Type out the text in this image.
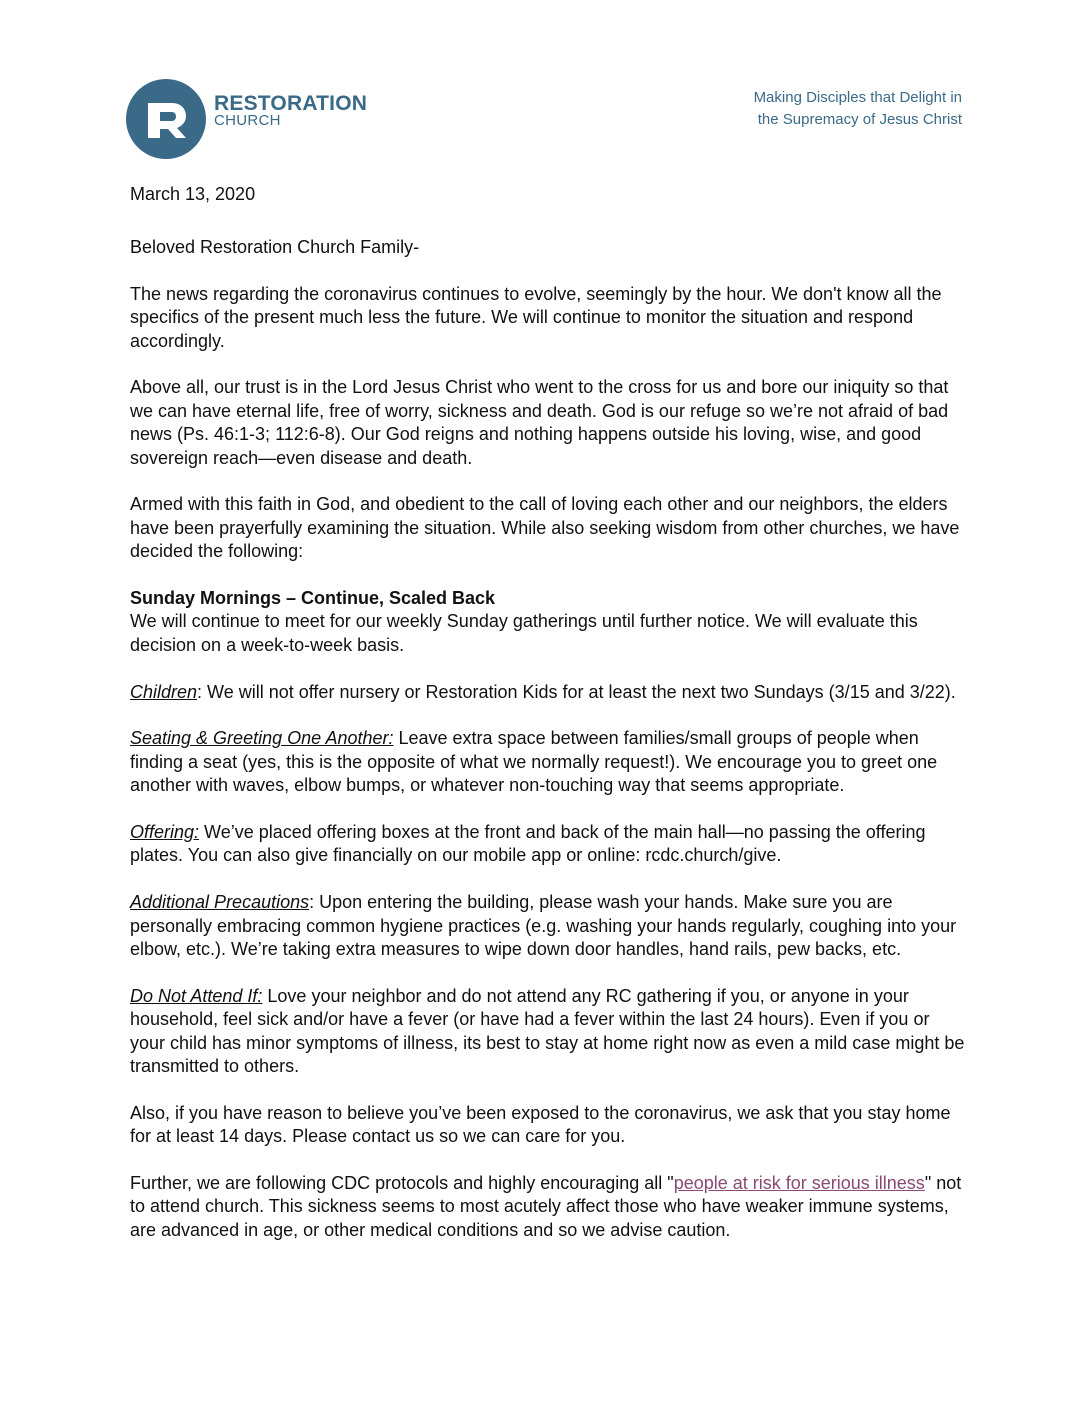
RESTORATION
CHURCH
Making Disciples that Delight in
the Supremacy of Jesus Christ
March 13, 2020

Beloved Restoration Church Family-

The news regarding the coronavirus continues to evolve, seemingly by the hour. We don't know all the specifics of the present much less the future. We will continue to monitor the situation and respond accordingly.

Above all, our trust is in the Lord Jesus Christ who went to the cross for us and bore our iniquity so that we can have eternal life, free of worry, sickness and death. God is our refuge so we’re not afraid of bad news (Ps. 46:1-3; 112:6-8). Our God reigns and nothing happens outside his loving, wise, and good sovereign reach—even disease and death.

Armed with this faith in God, and obedient to the call of loving each other and our neighbors, the elders have been prayerfully examining the situation. While also seeking wisdom from other churches, we have decided the following:

Sunday Mornings – Continue, Scaled Back
We will continue to meet for our weekly Sunday gatherings until further notice. We will evaluate this decision on a week-to-week basis.

Children: We will not offer nursery or Restoration Kids for at least the next two Sundays (3/15 and 3/22).

Seating & Greeting One Another: Leave extra space between families/small groups of people when finding a seat (yes, this is the opposite of what we normally request!). We encourage you to greet one another with waves, elbow bumps, or whatever non-touching way that seems appropriate.

Offering: We’ve placed offering boxes at the front and back of the main hall—no passing the offering plates. You can also give financially on our mobile app or online: rcdc.church/give.

Additional Precautions: Upon entering the building, please wash your hands. Make sure you are personally embracing common hygiene practices (e.g. washing your hands regularly, coughing into your elbow, etc.). We’re taking extra measures to wipe down door handles, hand rails, pew backs, etc.

Do Not Attend If: Love your neighbor and do not attend any RC gathering if you, or anyone in your household, feel sick and/or have a fever (or have had a fever within the last 24 hours). Even if you or your child has minor symptoms of illness, its best to stay at home right now as even a mild case might be transmitted to others.

Also, if you have reason to believe you’ve been exposed to the coronavirus, we ask that you stay home for at least 14 days. Please contact us so we can care for you.

Further, we are following CDC protocols and highly encouraging all "people at risk for serious illness" not to attend church. This sickness seems to most acutely affect those who have weaker immune systems, are advanced in age, or other medical conditions and so we advise caution.
